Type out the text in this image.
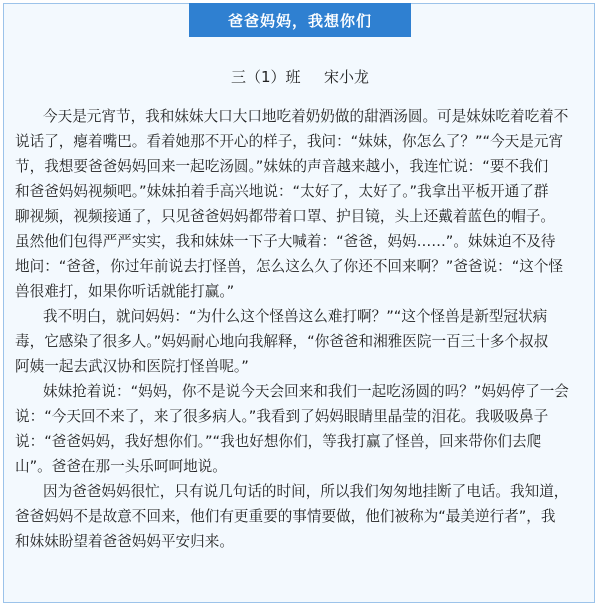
爸爸妈妈，我想你们
三（1）班 宋小龙
今天是元宵节，我和妹妹大口大口地吃着奶奶做的甜酒汤圆。可是妹妹吃着吃着不
说话了，瘪着嘴巴。看着她那不开心的样子，我问：“妹妹，你怎么了？”“今天是元宵
节，我想要爸爸妈妈回来一起吃汤圆。”妹妹的声音越来越小，我连忙说：“要不我们
和爸爸妈妈视频吧。”妹妹拍着手高兴地说：“太好了，太好了。”我拿出平板开通了群
聊视频，视频接通了，只见爸爸妈妈都带着口罩、护目镜，头上还戴着蓝色的帽子。
虽然他们包得严严实实，我和妹妹一下子大喊着：“爸爸，妈妈……”。妹妹迫不及待
地问：“爸爸，你过年前说去打怪兽，怎么这么久了你还不回来啊？”爸爸说：“这个怪
兽很难打，如果你听话就能打赢。”
我不明白，就问妈妈：“为什么这个怪兽这么难打啊？”“这个怪兽是新型冠状病
毒，它感染了很多人。”妈妈耐心地向我解释，“你爸爸和湘雅医院一百三十多个叔叔
阿姨一起去武汉协和医院打怪兽呢。”
妹妹抢着说：“妈妈，你不是说今天会回来和我们一起吃汤圆的吗？”妈妈停了一会
说：“今天回不来了，来了很多病人。”我看到了妈妈眼睛里晶莹的泪花。我吸吸鼻子
说：“爸爸妈妈，我好想你们。”“我也好想你们，等我打赢了怪兽，回来带你们去爬
山”。爸爸在那一头乐呵呵地说。
因为爸爸妈妈很忙，只有说几句话的时间，所以我们匆匆地挂断了电话。我知道，
爸爸妈妈不是故意不回来，他们有更重要的事情要做，他们被称为“最美逆行者”，我
和妹妹盼望着爸爸妈妈平安归来。
